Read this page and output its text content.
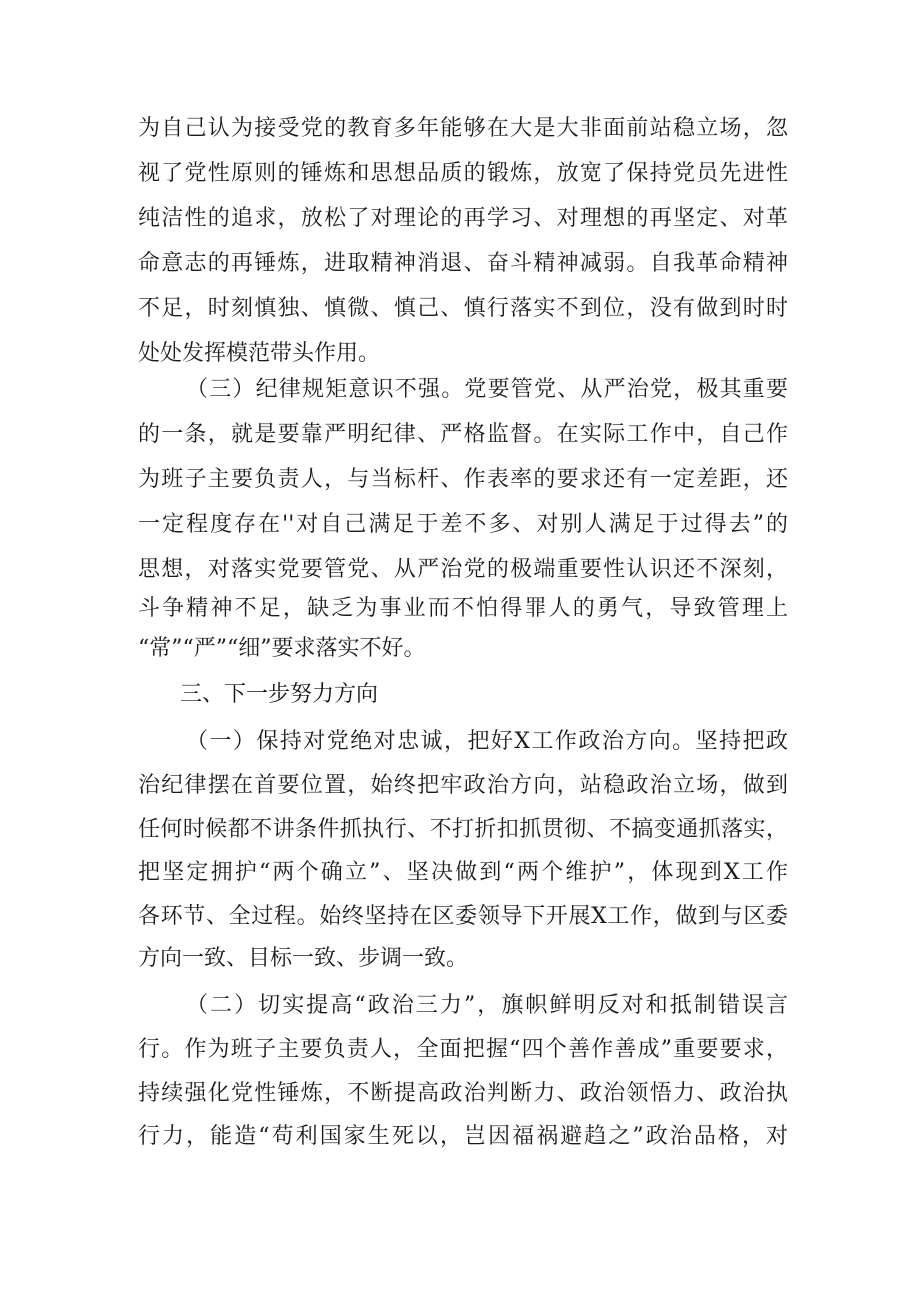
为自己认为接受党的教育多年能够在大是大非面前站稳立场，忽

视了党性原则的锤炼和思想品质的锻炼，放宽了保持党员先进性

纯洁性的追求，放松了对理论的再学习、对理想的再坚定、对革

命意志的再锤炼，进取精神消退、奋斗精神减弱。自我革命精神

不足，时刻慎独、慎微、慎己、慎行落实不到位，没有做到时时

处处发挥模范带头作用。

（三）纪律规矩意识不强。党要管党、从严治党，极其重要

的一条，就是要靠严明纪律、严格监督。在实际工作中，自己作

为班子主要负责人，与当标杆、作表率的要求还有一定差距，还

一定程度存在''对自己满足于差不多、对别人满足于过得去”的

思想，对落实党要管党、从严治党的极端重要性认识还不深刻，

斗争精神不足，缺乏为事业而不怕得罪人的勇气，导致管理上

“常”“严”“细”要求落实不好。

三、下一步努力方向

（一）保持对党绝对忠诚，把好X工作政治方向。坚持把政

治纪律摆在首要位置，始终把牢政治方向，站稳政治立场，做到

任何时候都不讲条件抓执行、不打折扣抓贯彻、不搞变通抓落实，

把坚定拥护“两个确立”、坚决做到“两个维护”，体现到X工作

各环节、全过程。始终坚持在区委领导下开展X工作，做到与区委

方向一致、目标一致、步调一致。

（二）切实提高“政治三力”，旗帜鲜明反对和抵制错误言

行。作为班子主要负责人，全面把握“四个善作善成”重要要求，

持续强化党性锤炼，不断提高政治判断力、政治领悟力、政治执

行力，能造“苟利国家生死以，岂因福祸避趋之”政治品格，对
